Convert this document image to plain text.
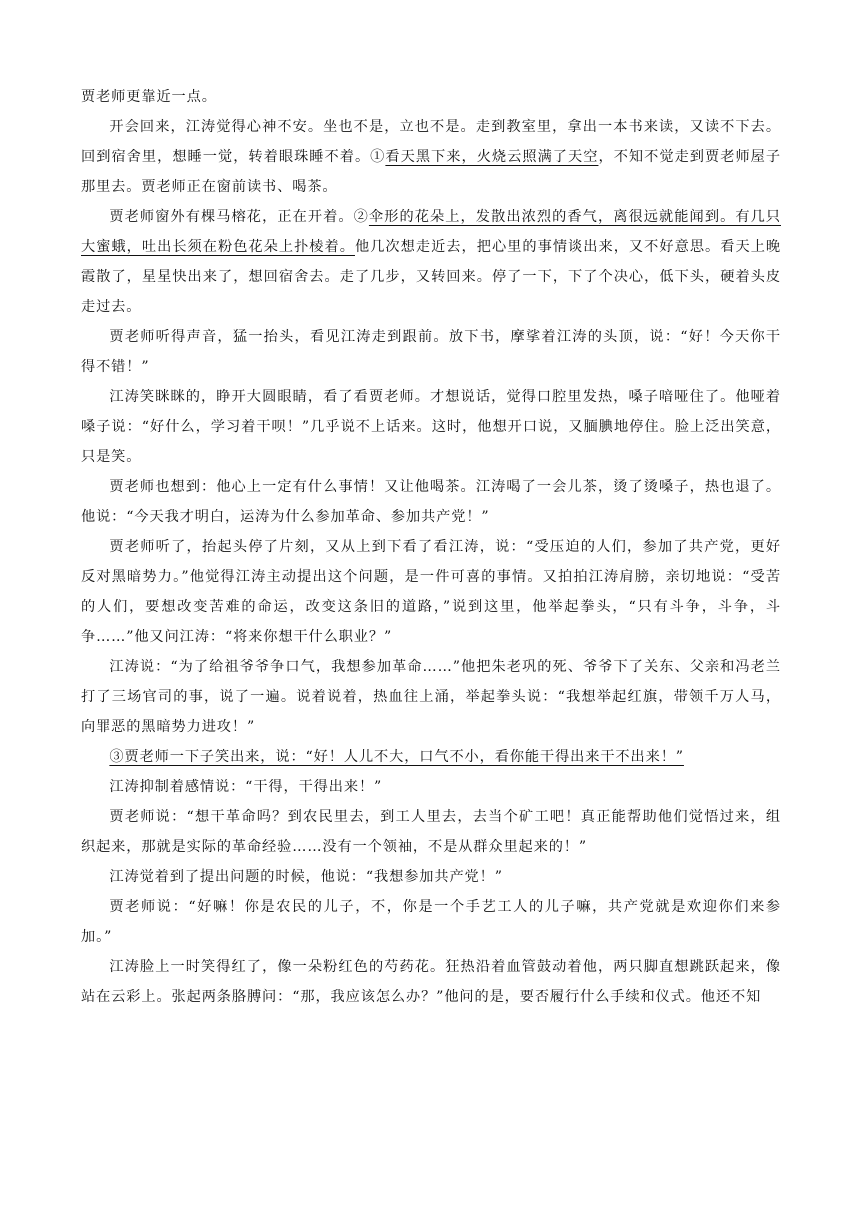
贾老师更靠近一点。

开会回来，江涛觉得心神不安。坐也不是，立也不是。走到教室里，拿出一本书来读，又读不下去。回到宿舍里，想睡一觉，转着眼珠睡不着。①看天黑下来，火烧云照满了天空，不知不觉走到贾老师屋子那里去。贾老师正在窗前读书、喝茶。

贾老师窗外有棵马榕花，正在开着。②伞形的花朵上，发散出浓烈的香气，离很远就能闻到。有几只大蜜蛾，吐出长须在粉色花朵上扑棱着。他几次想走近去，把心里的事情谈出来，又不好意思。看天上晚霞散了，星星快出来了，想回宿舍去。走了几步，又转回来。停了一下，下了个决心，低下头，硬着头皮走过去。

贾老师听得声音，猛一抬头，看见江涛走到跟前。放下书，摩挲着江涛的头顶，说：“好！今天你干得不错！”

江涛笑眯眯的，睁开大圆眼睛，看了看贾老师。才想说话，觉得口腔里发热，嗓子喑哑住了。他哑着嗓子说：“好什么，学习着干呗！”几乎说不上话来。这时，他想开口说，又腼腆地停住。脸上泛出笑意，只是笑。

贾老师也想到：他心上一定有什么事情！又让他喝茶。江涛喝了一会儿茶，烫了烫嗓子，热也退了。他说：“今天我才明白，运涛为什么参加革命、参加共产党！”

贾老师听了，抬起头停了片刻，又从上到下看了看江涛，说：“受压迫的人们，参加了共产党，更好反对黑暗势力。”他觉得江涛主动提出这个问题，是一件可喜的事情。又拍拍江涛肩膀，亲切地说：“受苦的人们，要想改变苦难的命运，改变这条旧的道路，”说到这里，他举起拳头，“只有斗争，斗争，斗争……”他又问江涛：“将来你想干什么职业？”

江涛说：“为了给祖爷爷争口气，我想参加革命……”他把朱老巩的死、爷爷下了关东、父亲和冯老兰打了三场官司的事，说了一遍。说着说着，热血往上涌，举起拳头说：“我想举起红旗，带领千万人马，向罪恶的黑暗势力进攻！”

③贾老师一下子笑出来，说：“好！人儿不大，口气不小，看你能干得出来干不出来！”

江涛抑制着感情说：“干得，干得出来！”

贾老师说：“想干革命吗？到农民里去，到工人里去，去当个矿工吧！真正能帮助他们觉悟过来，组织起来，那就是实际的革命经验……没有一个领袖，不是从群众里起来的！”

江涛觉着到了提出问题的时候，他说：“我想参加共产党！”

贾老师说：“好嘛！你是农民的儿子，不，你是一个手艺工人的儿子嘛，共产党就是欢迎你们来参加。”

江涛脸上一时笑得红了，像一朵粉红色的芍药花。狂热沿着血管鼓动着他，两只脚直想跳跃起来，像站在云彩上。张起两条胳膊问：“那，我应该怎么办？”他问的是，要否履行什么手续和仪式。他还不知
